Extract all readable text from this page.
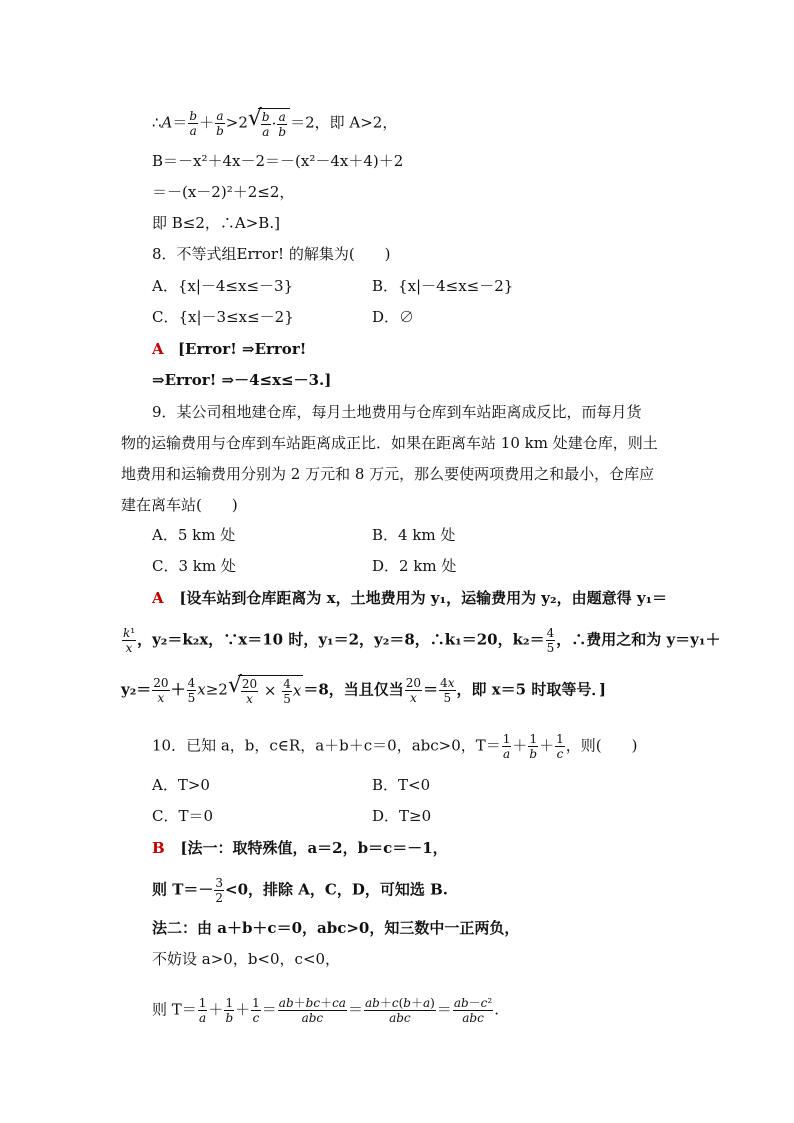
∴A＝ $\frac{b}{a} + \frac{a}{b} >2$ √ $\frac{b}{a} \cdot \frac{a}{b} =2$，即 A>2，
B＝－x²＋4x－2＝－(x²－4x＋4)＋2
＝－(x－2)²＋2≤2，
即 B≤2，∴A>B.]
8．不等式组Error! 的解集为(　　)
A．{x|－4≤x≤－3}	B．{x|－4≤x≤－2}
C．{x|－3≤x≤－2}	D．∅
A [Error! ⇒Error!
⇒Error! ⇒－4≤x≤－3.]
9．某公司租地建仓库，每月土地费用与仓库到车站距离成反比，而每月货
物的运输费用与仓库到车站距离成正比．如果在距离车站 10 km 处建仓库，则土
地费用和运输费用分别为 2 万元和 8 万元，那么要使两项费用之和最小，仓库应
建在离车站(　　)
A．5 km 处	B．4 km 处
C．3 km 处	D．2 km 处
A [设车站到仓库距离为 x，土地费用为 y₁，运输费用为 y₂，由题意得 y₁＝
$\frac{\text{k¹}}{x}$ ，y₂＝k₂x，∵x＝10 时，y₁＝2，y₂＝8，∴k₁＝20，$k_2= \frac{4}{5}$ ，∴费用之和为 y＝y₁＋
$y_2= \frac{20}{x} + \frac{4}{5} x\ge 2$ √ $\frac{20}{x} \times \frac{4}{5}$ x ＝8，当且仅当 $\frac{20}{x} = \frac{4x}{5}$ ，即 x＝5 时取等号．]
10．已知 a，b，c∈R，a＋b＋c＝0，abc>0，$T= \frac{1}{a} + \frac{1}{b} + \frac{1}{c}$ ，则(　　)
A．T>0	B．T<0
C．T＝0	D．T≥0
B [法一：取特殊值，a＝2，b＝c＝－1，
则 $T=- \frac{3}{2} <0$，排除 A，C，D，可知选 B.
法二：由 a＋b＋c＝0，abc>0，知三数中一正两负，
不妨设 a>0，b<0，c<0，
则 $T= \frac{1}{a} + \frac{1}{b} + \frac{1}{c} = \frac{ab+bc+ca}{\text{abc}} = \frac{ab+c(b+a)}{\text{abc}} = \frac{\text{ab－c²}}{\text{abc}}$ .
